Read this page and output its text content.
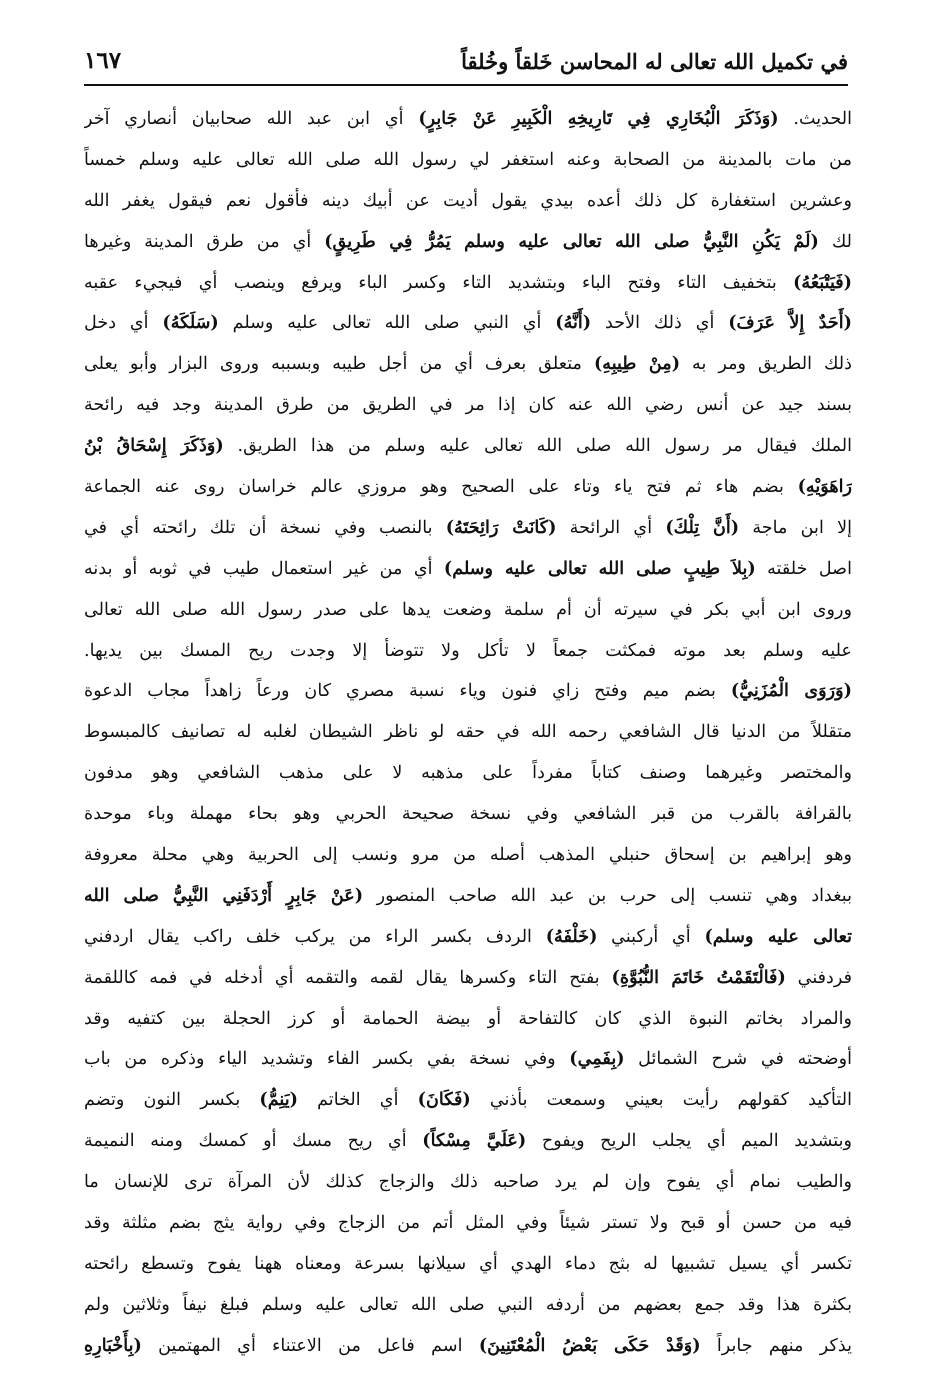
في تكميل الله تعالى له المحاسن خَلقاً وخُلقاً
١٦٧
الحديث. (وَذَكَرَ الْبُخَارِي فِي تَارِيخِهِ الْكَبِيرِ عَنْ جَابِرٍ) أي ابن عبد الله صحابيان أنصاري آخر
من مات بالمدينة من الصحابة وعنه استغفر لي رسول الله صلى الله تعالى عليه وسلم خمساً
وعشرين استغفارة كل ذلك أعده بيدي يقول أديت عن أبيك دينه فأقول نعم فيقول يغفر الله
لك (لَمْ يَكُنِ النَّبِيُّ صلى الله تعالى عليه وسلم يَمُرُّ فِي طَرِيقٍ) أي من طرق المدينة وغيرها
(فَيَتْبَعُهُ) بتخفيف التاء وفتح الباء وبتشديد التاء وكسر الباء ويرفع وينصب أي فيجيء عقبه
(أَحَدٌ إِلاَّ عَرَفَ) أي ذلك الأحد (أَنَّهُ) أي النبي صلى الله تعالى عليه وسلم (سَلَكَهُ) أي دخل
ذلك الطريق ومر به (مِنْ طِيبِهِ) متعلق بعرف أي من أجل طيبه وبسببه وروى البزار وأبو يعلى
بسند جيد عن أنس رضي الله عنه كان إذا مر في الطريق من طرق المدينة وجد فيه رائحة
الملك فيقال مر رسول الله صلى الله تعالى عليه وسلم من هذا الطريق. (وَذَكَرَ إِسْحَاقُ بْنُ
رَاهَوَيْهِ) بضم هاء ثم فتح ياء وتاء على الصحيح وهو مروزي عالم خراسان روى عنه الجماعة
إلا ابن ماجة (أَنَّ تِلْكَ) أي الرائحة (كَانَتْ رَائِحَتَهُ) بالنصب وفي نسخة أن تلك رائحته أي في
اصل خلقته (بِلاَ طِيبٍ صلى الله تعالى عليه وسلم) أي من غير استعمال طيب في ثوبه أو بدنه
وروى ابن أبي بكر في سيرته أن أم سلمة وضعت يدها على صدر رسول الله صلى الله تعالى
عليه وسلم بعد موته فمكثت جمعاً لا تأكل ولا تتوضأ إلا وجدت ريح المسك بين يديها.
(وَرَوَى الْمُزَنِيُّ) بضم ميم وفتح زاي فنون وياء نسبة مصري كان ورعاً زاهداً مجاب الدعوة
متقللاً من الدنيا قال الشافعي رحمه الله في حقه لو ناظر الشيطان لغلبه له تصانيف كالمبسوط
والمختصر وغيرهما وصنف كتاباً مفرداً على مذهبه لا على مذهب الشافعي وهو مدفون
بالقرافة بالقرب من قبر الشافعي وفي نسخة صحيحة الحربي وهو بحاء مهملة وباء موحدة
وهو إبراهيم بن إسحاق حنبلي المذهب أصله من مرو ونسب إلى الحربية وهي محلة معروفة
ببغداد وهي تنسب إلى حرب بن عبد الله صاحب المنصور (عَنْ جَابِرٍ أَرْدَفَنِي النَّبِيُّ صلى الله
تعالى عليه وسلم) أي أركبني (خَلْفَهُ) الردف بكسر الراء من يركب خلف راكب يقال اردفني
فردفني (فَالْتَقَمْتُ خَاتَمَ النُّبُوَّةِ) بفتح التاء وكسرها يقال لقمه والتقمه أي أدخله في فمه كاللقمة
والمراد بخاتم النبوة الذي كان كالتفاحة أو بيضة الحمامة أو كرز الحجلة بين كتفيه وقد
أوضحته في شرح الشمائل (بِفَمِي) وفي نسخة بفي بكسر الفاء وتشديد الياء وذكره من باب
التأكيد كقولهم رأيت بعيني وسمعت بأذني (فَكَانَ) أي الخاتم (يَنِمُّ) بكسر النون وتضم
وبتشديد الميم أي يجلب الريح ويفوح (عَلَيَّ مِسْكاً) أي ريح مسك أو كمسك ومنه النميمة
والطيب نمام أي يفوح وإن لم يرد صاحبه ذلك والزجاج كذلك لأن المرآة ترى للإنسان ما
فيه من حسن أو قبح ولا تستر شيئاً وفي المثل أتم من الزجاج وفي رواية يثج بضم مثلثة وقد
تكسر أي يسيل تشبيها له بثج دماء الهدي أي سيلانها بسرعة ومعناه ههنا يفوح وتسطع رائحته
بكثرة هذا وقد جمع بعضهم من أردفه النبي صلى الله تعالى عليه وسلم فبلغ نيفاً وثلاثين ولم
يذكر منهم جابراً (وَقَدْ حَكَى بَعْضُ الْمُعْتَنِينَ) اسم فاعل من الاعتناء أي المهتمين (بِأَخْبَارِهِ
